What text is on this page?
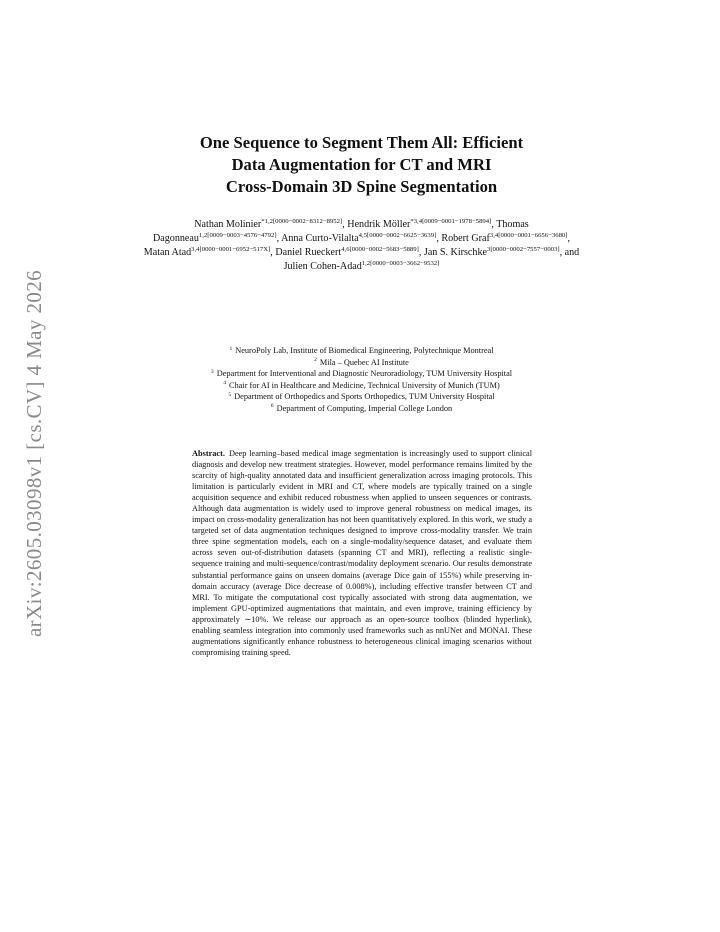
arXiv:2605.03098v1 [cs.CV] 4 May 2026
One Sequence to Segment Them All: Efficient
Data Augmentation for CT and MRI
Cross-Domain 3D Spine Segmentation
Nathan Molinier$^{*1,2[0000-0002-8312-8952]}$, Hendrik Möller$^{*3,4[0009-0001-1978-5894]}$, Thomas Dagonneau$^{1,2[0009-0003-4576-4792]}$, Anna Curto-Vilalta$^{4,5[0000-0002-6625-3639]}$, Robert Graf$^{3,4[0000-0001-6656-3680]}$, Matan Atad$^{3,4[0000-0001-6952-517X]}$, Daniel Rueckert$^{4,6[0000-0002-5683-5889]}$, Jan S. Kirschke$^{3[0000-0002-7557-0003]}$, and Julien Cohen-Adad$^{1,2[0000-0003-3662-9532]}$
$^1$ NeuroPoly Lab, Institute of Biomedical Engineering, Polytechnique Montreal
$^2$ Mila – Quebec AI Institute
$^3$ Department for Interventional and Diagnostic Neuroradiology, TUM University Hospital
$^4$ Chair for AI in Healthcare and Medicine, Technical University of Munich (TUM)
$^5$ Department of Orthopedics and Sports Orthopedics, TUM University Hospital
$^6$ Department of Computing, Imperial College London
Abstract. Deep learning–based medical image segmentation is increasingly used to support clinical diagnosis and develop new treatment strategies. However, model performance remains limited by the scarcity of high-quality annotated data and insufficient generalization across imaging protocols. This limitation is particularly evident in MRI and CT, where models are typically trained on a single acquisition sequence and exhibit reduced robustness when applied to unseen sequences or contrasts. Although data augmentation is widely used to improve general robustness on medical images, its impact on cross-modality generalization has not been quantitatively explored. In this work, we study a targeted set of data augmentation techniques designed to improve cross-modality transfer. We train three spine segmentation models, each on a single-modality/sequence dataset, and evaluate them across seven out-of-distribution datasets (spanning CT and MRI), reflecting a realistic single-sequence training and multi-sequence/contrast/modality deployment scenario. Our results demonstrate substantial performance gains on unseen domains (average Dice gain of 155%) while preserving in-domain accuracy (average Dice decrease of 0.008%), including effective transfer between CT and MRI. To mitigate the computational cost typically associated with strong data augmentation, we implement GPU-optimized augmentations that maintain, and even improve, training efficiency by approximately ∼10%. We release our approach as an open-source toolbox (blinded hyperlink), enabling seamless integration into commonly used frameworks such as nnUNet and MONAI. These augmentations significantly enhance robustness to heterogeneous clinical imaging scenarios without compromising training speed.
